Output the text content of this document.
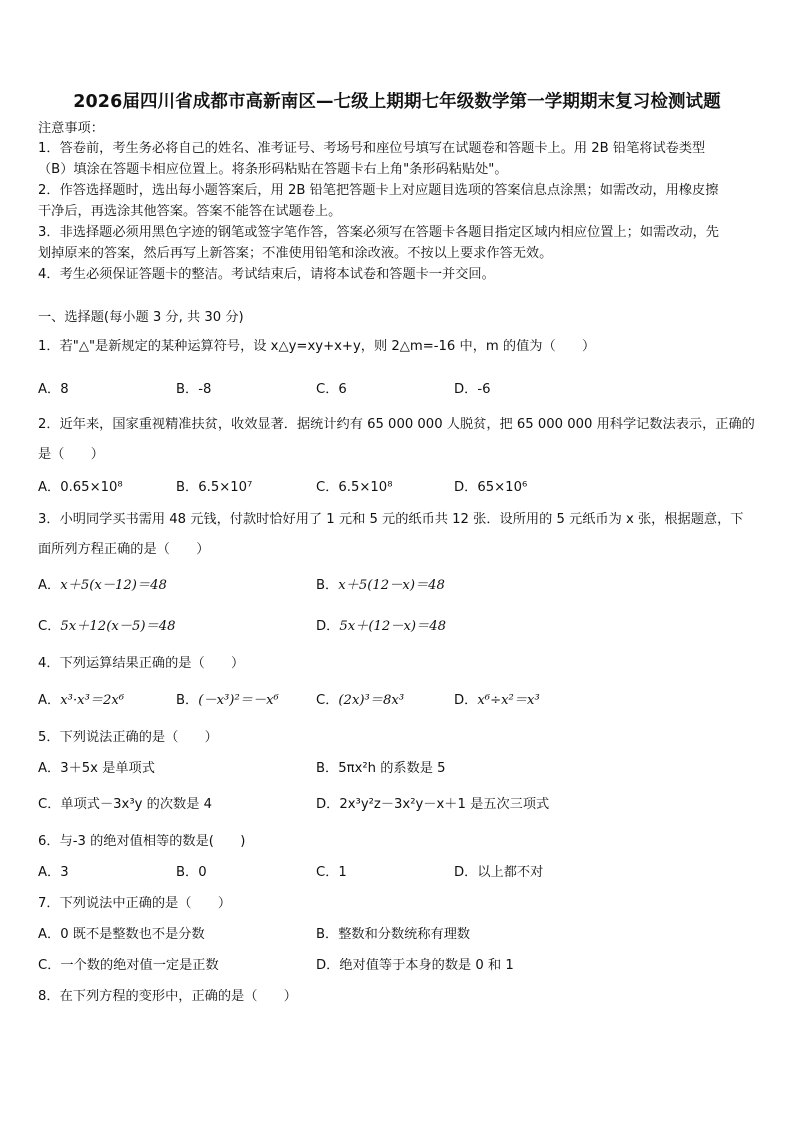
2026届四川省成都市高新南区—七级上期期七年级数学第一学期期末复习检测试题
注意事项：
1．答卷前，考生务必将自己的姓名、准考证号、考场号和座位号填写在试题卷和答题卡上。用 2B 铅笔将试卷类型
（B）填涂在答题卡相应位置上。将条形码粘贴在答题卡右上角"条形码粘贴处"。
2．作答选择题时，选出每小题答案后，用 2B 铅笔把答题卡上对应题目选项的答案信息点涂黑；如需改动，用橡皮擦
干净后，再选涂其他答案。答案不能答在试题卷上。
3．非选择题必须用黑色字迹的钢笔或签字笔作答，答案必须写在答题卡各题目指定区域内相应位置上；如需改动，先
划掉原来的答案，然后再写上新答案；不准使用铅笔和涂改液。不按以上要求作答无效。
4．考生必须保证答题卡的整洁。考试结束后，请将本试卷和答题卡一并交回。
一、选择题(每小题 3 分, 共 30 分)
1．若"△"是新规定的某种运算符号，设 x△y=xy+x+y，则 2△m=-16 中，m 的值为（　　）
A．8	B．-8	C．6	D．-6
2．近年来，国家重视精准扶贫，收效显著．据统计约有 65 000 000 人脱贫，把 65 000 000 用科学记数法表示，正确的
是（　　）
A．0.65×10⁸	B．6.5×10⁷	C．6.5×10⁸	D．65×10⁶
3．小明同学买书需用 48 元钱，付款时恰好用了 1 元和 5 元的纸币共 12 张．设所用的 5 元纸币为 x 张，根据题意，下
面所列方程正确的是（　　）
A．x＋5(x－12)＝48	B．x＋5(12－x)＝48
C．5x＋12(x－5)＝48	D．5x＋(12－x)＝48
4．下列运算结果正确的是（　　）
A．x³·x³＝2x⁶	B．(－x³)²＝－x⁶	C．(2x)³＝8x³	D．x⁶÷x²＝x³
5．下列说法正确的是（　　）
A．3＋5x 是单项式	B．5πx²h 的系数是 5
C．单项式－3x³y 的次数是 4	D．2x³y²z－3x²y－x＋1 是五次三项式
6．与-3 的绝对值相等的数是(　　)
A．3	B．0	C．1	D．以上都不对
7．下列说法中正确的是（　　）
A．0 既不是整数也不是分数	B．整数和分数统称有理数
C．一个数的绝对值一定是正数	D．绝对值等于本身的数是 0 和 1
8．在下列方程的变形中，正确的是（　　）
